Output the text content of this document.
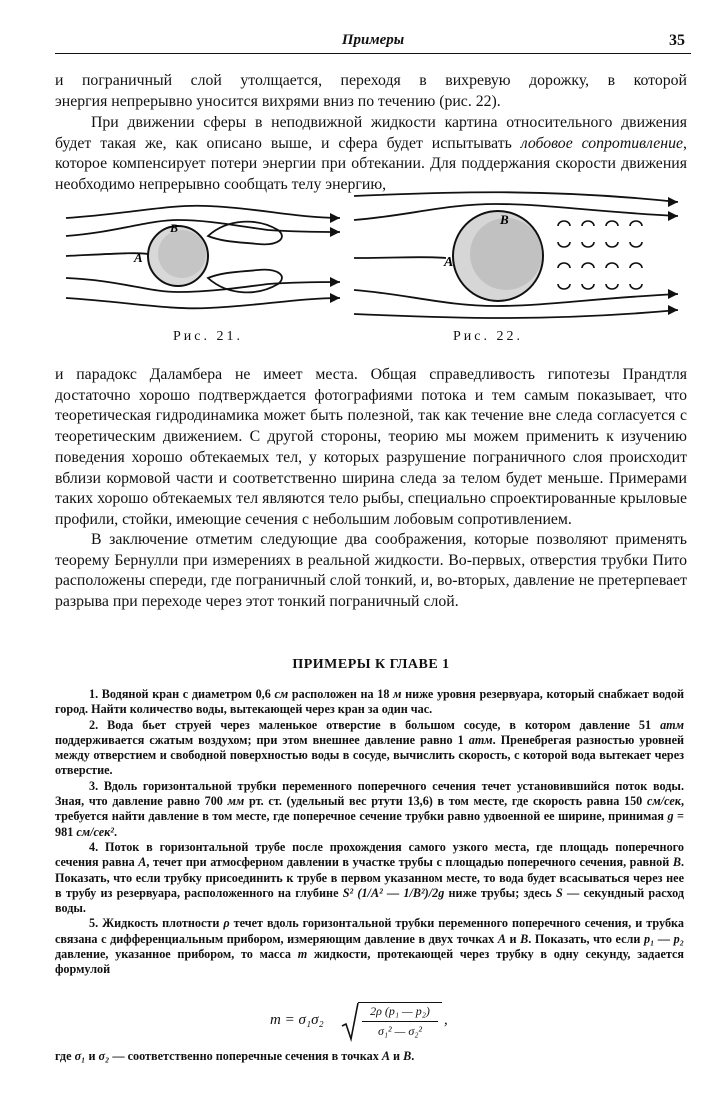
Примеры	35

и пограничный слой утолщается, переходя в вихревую дорожку, в которой

энергия непрерывно уносится вихрями вниз по течению (рис. 22).

При движении сферы в неподвижной жидкости картина относительного движения будет такая же, как описано выше, и сфера будет испытывать лобовое сопротивление, которое компенсирует потери энергии при обтекании. Для поддержания скорости движения необходимо непрерывно сообщать телу энергию,

A
B
Рис. 21.
A
B
Рис. 22.

и парадокс Даламбера не имеет места. Общая справедливость гипотезы Прандтля достаточно хорошо подтверждается фотографиями потока и тем самым показывает, что теоретическая гидродинамика может быть полезной, так как течение вне следа согласуется с теоретическим движением. С другой стороны, теорию мы можем применить к изучению поведения хорошо обтекаемых тел, у которых разрушение пограничного слоя происходит вблизи кормовой части и соответственно ширина следа за телом будет меньше. Примерами таких хорошо обтекаемых тел являются тело рыбы, специально спроектированные крыловые профили, стойки, имеющие сечения с небольшим лобовым сопротивлением.

В заключение отметим следующие два соображения, которые позволяют применять теорему Бернулли при измерениях в реальной жидкости. Во-первых, отверстия трубки Пито расположены спереди, где пограничный слой тонкий, и, во-вторых, давление не претерпевает разрыва при переходе через этот тонкий пограничный слой.

ПРИМЕРЫ К ГЛАВЕ 1

1. Водяной кран с диаметром 0,6 см расположен на 18 м ниже уровня резервуара, который снабжает водой город. Найти количество воды, вытекающей через кран за один час.

2. Вода бьет струей через маленькое отверстие в большом сосуде, в котором давление 51 атм поддерживается сжатым воздухом; при этом внешнее давление равно 1 атм. Пренебрегая разностью уровней между отверстием и свободной поверхностью воды в сосуде, вычислить скорость, с которой вода вытекает через отверстие.

3. Вдоль горизонтальной трубки переменного поперечного сечения течет установившийся поток воды. Зная, что давление равно 700 мм рт. ст. (удельный вес ртути 13,6) в том месте, где скорость равна 150 см/сек, требуется найти давление в том месте, где поперечное сечение трубки равно удвоенной ее ширине, принимая g = 981 см/сек².

4. Поток в горизонтальной трубе после прохождения самого узкого места, где площадь поперечного сечения равна A, течет при атмосферном давлении в участке трубы с площадью поперечного сечения, равной B. Показать, что если трубку присоединить к трубе в первом указанном месте, то вода будет всасываться через нее в трубу из резервуара, расположенного на глубине S² (1/A² — 1/B²)/2g ниже трубы; здесь S — секундный расход воды.

5. Жидкость плотности ρ течет вдоль горизонтальной трубки переменного поперечного сечения, и трубка связана с дифференциальным прибором, измеряющим давление в двух точках A и B. Показать, что если p₁ — p₂ давление, указанное прибором, то масса m жидкости, протекающей через трубку в одну секунду, задается формулой

m = σ₁σ₂
2ρ (p₁ — p₂)
σ₁² — σ₂²
,
где σ₁ и σ₂ — соответственно поперечные сечения в точках A и B.
